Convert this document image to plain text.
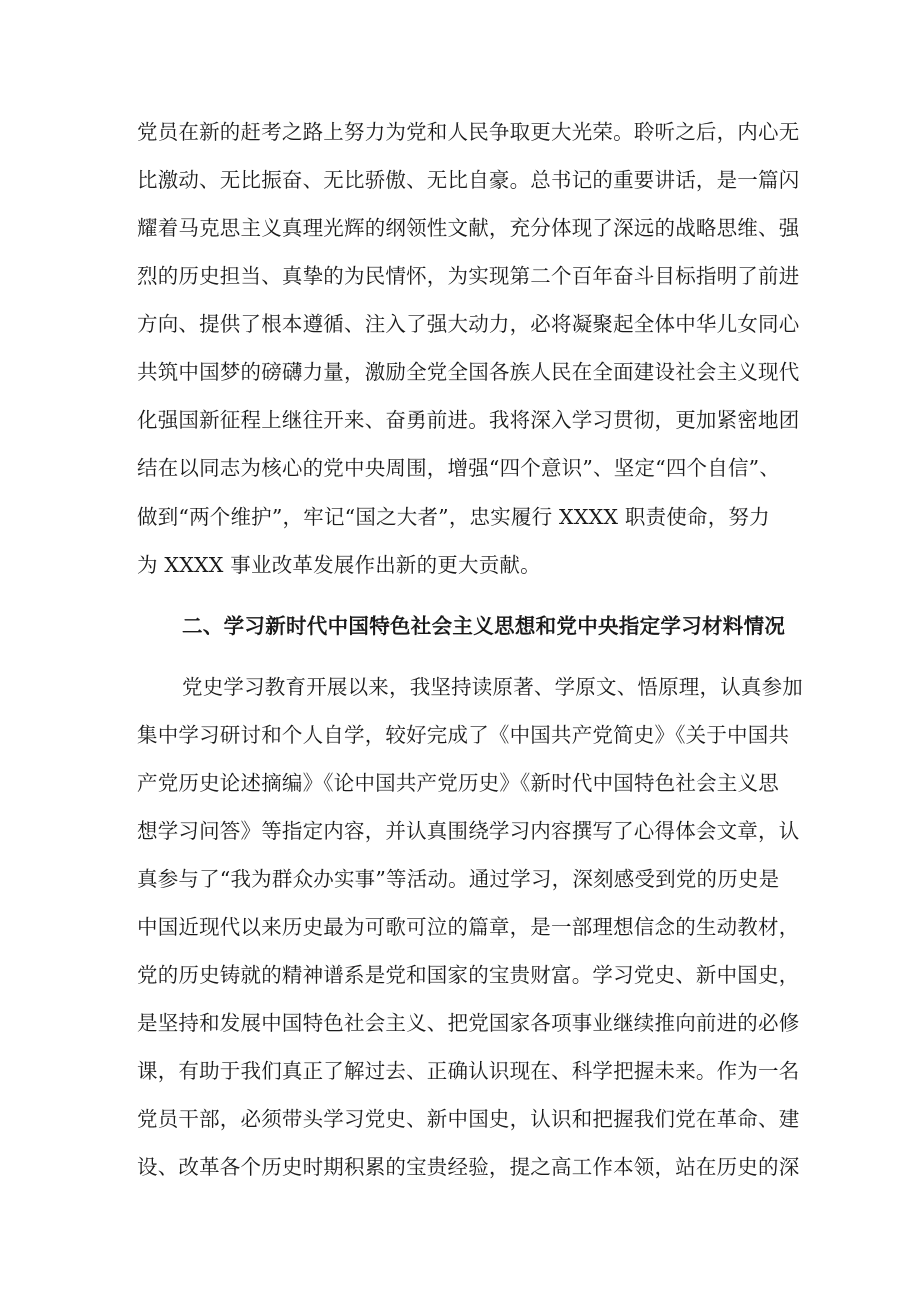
党员在新的赶考之路上努力为党和人民争取更大光荣。聆听之后，内心无
比激动、无比振奋、无比骄傲、无比自豪。总书记的重要讲话，是一篇闪
耀着马克思主义真理光辉的纲领性文献，充分体现了深远的战略思维、强
烈的历史担当、真挚的为民情怀，为实现第二个百年奋斗目标指明了前进
方向、提供了根本遵循、注入了强大动力，必将凝聚起全体中华儿女同心
共筑中国梦的磅礴力量，激励全党全国各族人民在全面建设社会主义现代
化强国新征程上继往开来、奋勇前进。我将深入学习贯彻，更加紧密地团
结在以同志为核心的党中央周围，增强“四个意识”、坚定“四个自信”、
做到“两个维护”，牢记“国之大者”，忠实履行 XXXX 职责使命，努力
为 XXXX 事业改革发展作出新的更大贡献。
二、学习新时代中国特色社会主义思想和党中央指定学习材料情况
党史学习教育开展以来，我坚持读原著、学原文、悟原理，认真参加
集中学习研讨和个人自学，较好完成了《中国共产党简史》《关于中国共
产党历史论述摘编》《论中国共产党历史》《新时代中国特色社会主义思
想学习问答》等指定内容，并认真围绕学习内容撰写了心得体会文章，认
真参与了“我为群众办实事”等活动。通过学习，深刻感受到党的历史是
中国近现代以来历史最为可歌可泣的篇章，是一部理想信念的生动教材，
党的历史铸就的精神谱系是党和国家的宝贵财富。学习党史、新中国史，
是坚持和发展中国特色社会主义、把党国家各项事业继续推向前进的必修
课，有助于我们真正了解过去、正确认识现在、科学把握未来。作为一名
党员干部，必须带头学习党史、新中国史，认识和把握我们党在革命、建
设、改革各个历史时期积累的宝贵经验，提之高工作本领，站在历史的深
